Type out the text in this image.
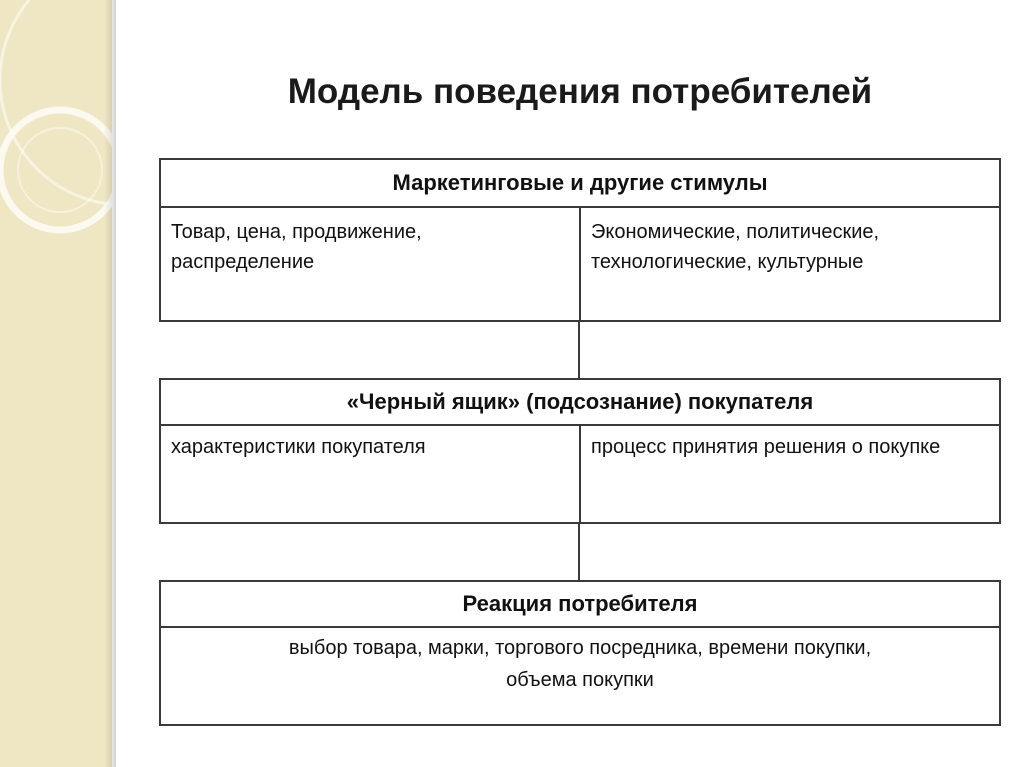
Модель поведения потребителей
Маркетинговые и другие стимулы
Товар, цена, продвижение, распределение
Экономические, политические, технологические, культурные
«Черный ящик» (подсознание) покупателя
характеристики покупателя	процесс принятия решения о покупке
Реакция потребителя
выбор товара, марки, торгового посредника, времени покупки,
объема покупки
